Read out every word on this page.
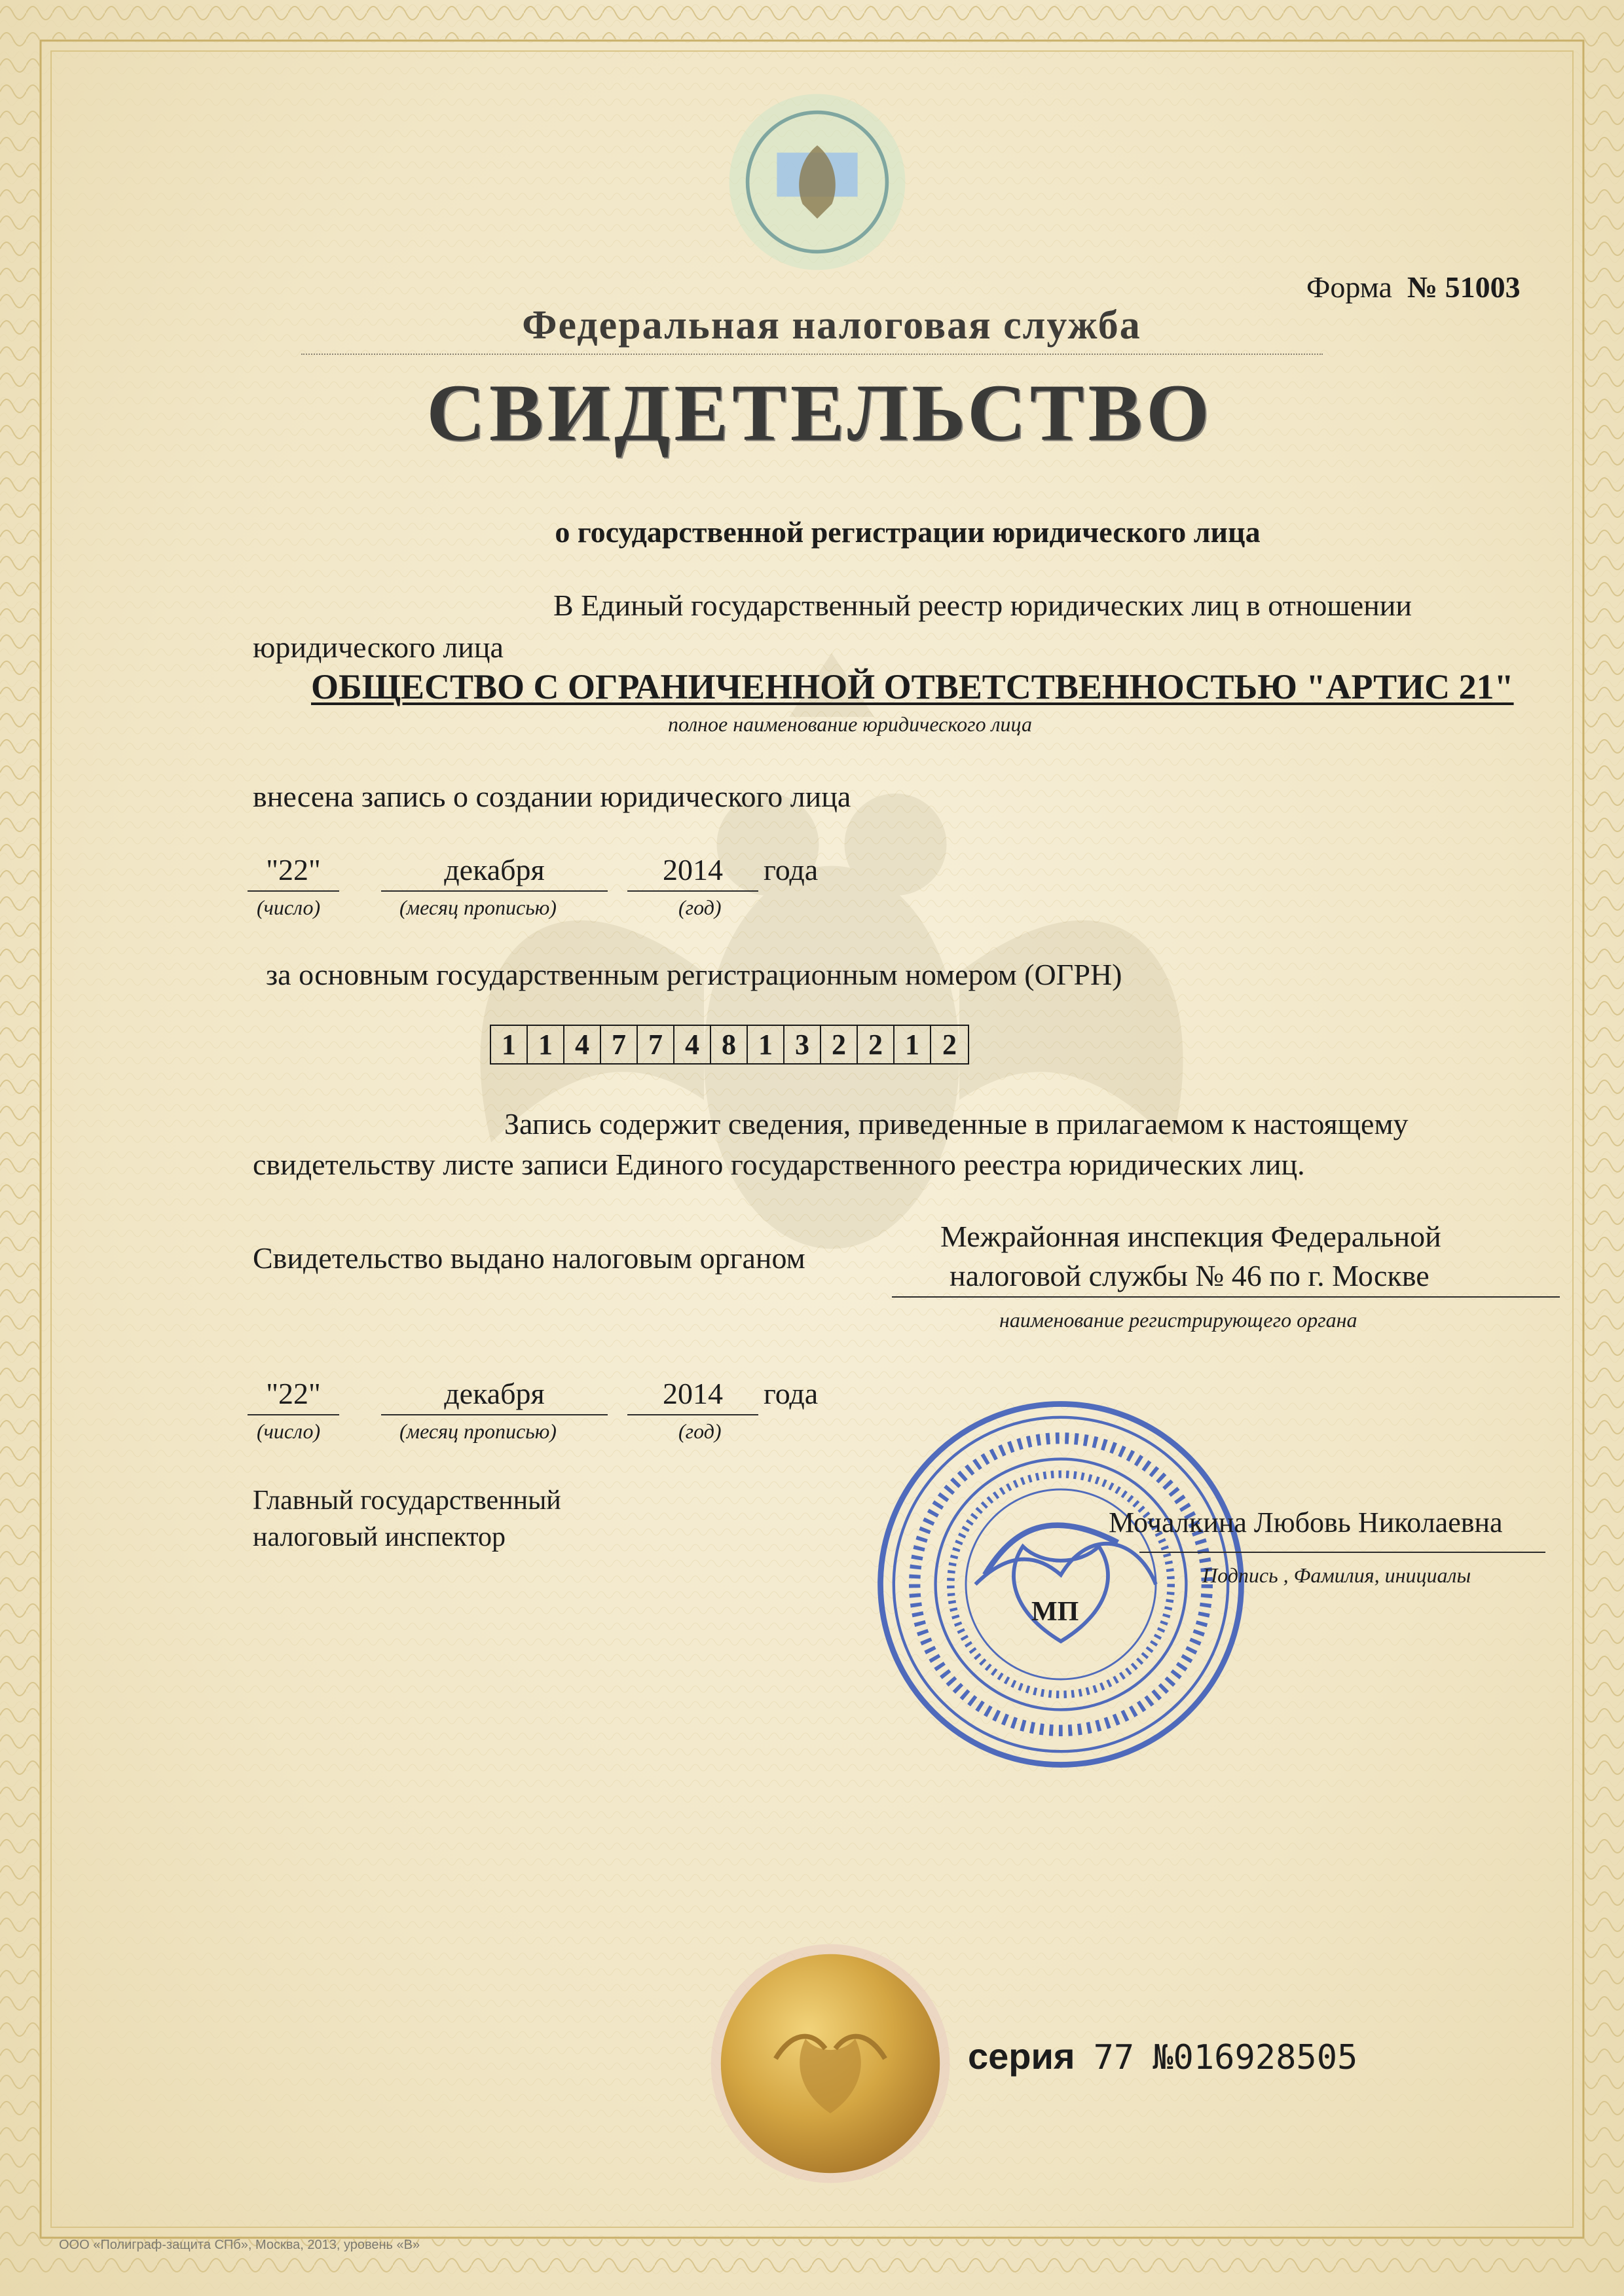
Форма № 51003
Федеральная налоговая служба
СВИДЕТЕЛЬСТВО
о государственной регистрации юридического лица
В Единый государственный реестр юридических лиц в отношении
юридического лица
ОБЩЕСТВО С ОГРАНИЧЕННОЙ ОТВЕТСТВЕННОСТЬЮ "АРТИС 21"
полное наименование юридического лица
внесена запись о создании юридического лица
"22"	декабря	2014	года
(число)	(месяц прописью)	(год)
за основным государственным регистрационным номером (ОГРН)
1 1 4 7 7 4 8 1 3 2 2 1 2
Запись содержит сведения, приведенные в прилагаемом к настоящему
свидетельству листе записи Единого государственного реестра юридических лиц.
Свидетельство выдано налоговым органом
Межрайонная инспекция Федеральной
налоговой службы № 46 по г. Москве
наименование регистрирующего органа
"22"	декабря	2014	года
(число)	(месяц прописью)	(год)
Главный государственный
налоговый инспектор	Мочалкина Любовь Николаевна
Подпись , Фамилия, инициалы
МП
серия 77 №016928505
ООО «Полиграф-защита СПб», Москва, 2013, уровень «В»
